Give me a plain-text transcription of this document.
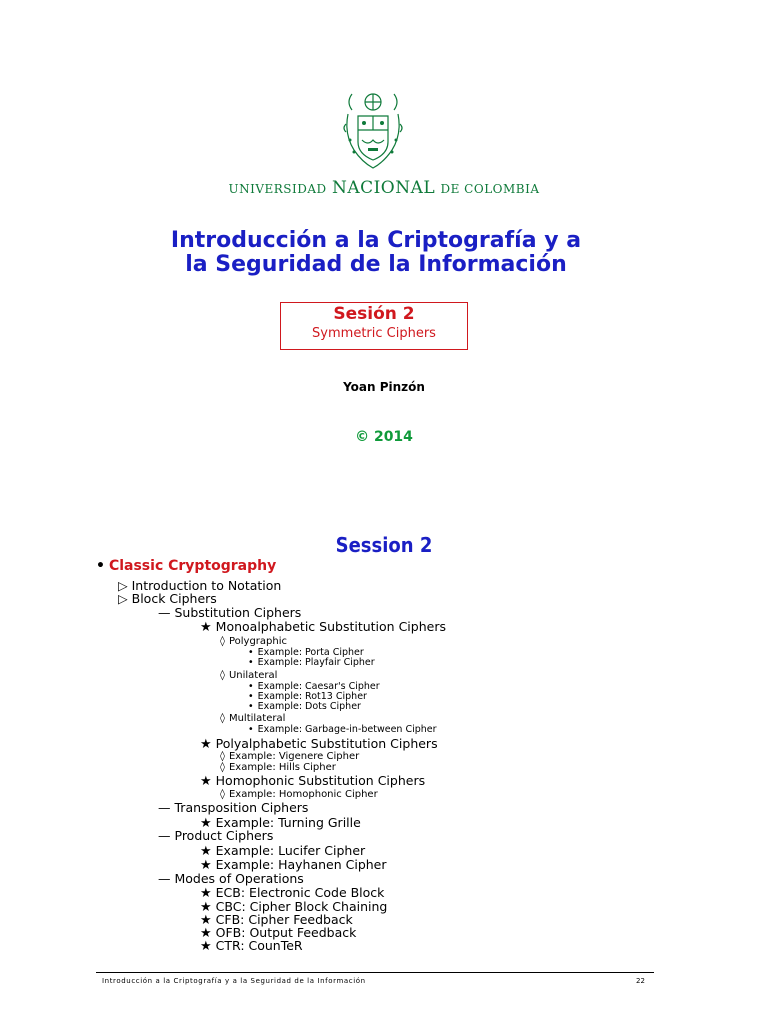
UNIVERSIDAD NACIONAL DE COLOMBIA
Introducción a la Criptografía y a
la Seguridad de la Información
Sesión 2
Symmetric Ciphers
Yoan Pinzón
© 2014
Session 2
• Classic Cryptography
▷ Introduction to Notation
▷ Block Ciphers
— Substitution Ciphers
★ Monoalphabetic Substitution Ciphers
◊ Polygraphic
• Example: Porta Cipher
• Example: Playfair Cipher
◊ Unilateral
• Example: Caesar's Cipher
• Example: Rot13 Cipher
• Example: Dots Cipher
◊ Multilateral
• Example: Garbage-in-between Cipher
★ Polyalphabetic Substitution Ciphers
◊ Example: Vigenere Cipher
◊ Example: Hills Cipher
★ Homophonic Substitution Ciphers
◊ Example: Homophonic Cipher
— Transposition Ciphers
★ Example: Turning Grille
— Product Ciphers
★ Example: Lucifer Cipher
★ Example: Hayhanen Cipher
— Modes of Operations
★ ECB: Electronic Code Block
★ CBC: Cipher Block Chaining
★ CFB: Cipher Feedback
★ OFB: Output Feedback
★ CTR: CounTeR
Introducción a la Criptografía y a la Seguridad de la Información	22
